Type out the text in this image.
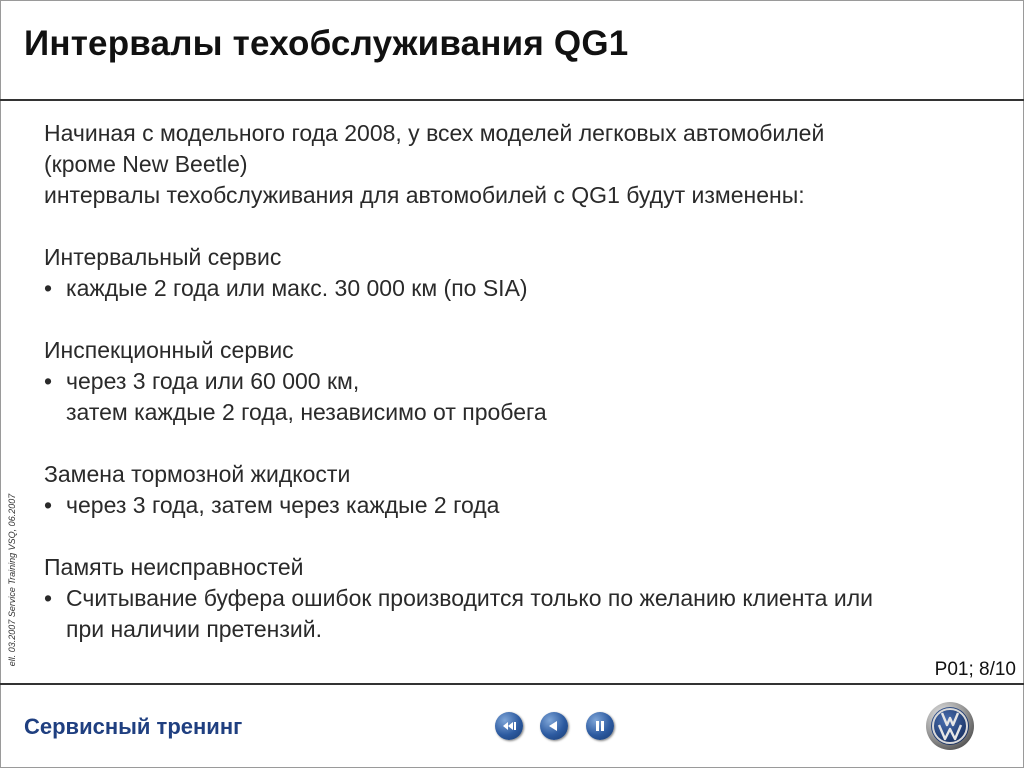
Интервалы техобслуживания QG1
Начиная с модельного года 2008, у всех моделей легковых автомобилей
(кроме New Beetle)
интервалы техобслуживания для автомобилей с QG1 будут изменены:
Интервальный сервис
• каждые 2 года или макс. 30 000 км (по SIA)
Инспекционный сервис
• через 3 года или 60 000 км,
затем каждые 2 года, независимо от пробега
Замена тормозной жидкости
• через 3 года, затем через каждые 2 года
Память неисправностей
• Считывание буфера ошибок производится только по желанию клиента или
при наличии претензий.
ell. 03.2007 Service Training VSQ, 06.2007
P01; 8/10
Сервисный тренинг
